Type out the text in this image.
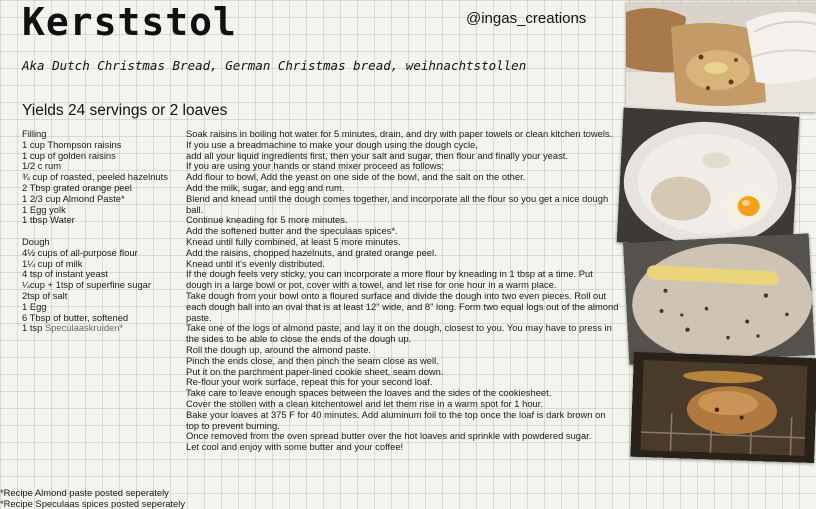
Kerststol	@ingas_creations
Aka Dutch Christmas Bread, German Christmas bread, weihnachtstollen
Yields 24 servings or 2 loaves
Filling
1 cup Thompson raisins
1 cup of golden raisins
1/2 c rum
¾ cup of roasted, peeled hazelnuts
2 Tbsp grated orange peel
1 2/3 cup Almond Paste*
1 Egg yolk
1 tbsp Water
Dough
4½ cups of all-purpose flour
1¼ cup of milk
4 tsp of instant yeast
¼cup + 1tsp of superfine sugar
2tsp of salt
1 Egg
6 Tbsp of butter, softened
1 tsp Speculaaskruiden*
Soak raisins in boiling hot water for 5 minutes, drain, and dry with paper towels or clean kitchen towels.
If you use a breadmachine to make your dough using the dough cycle,
add all your liquid ingredients first, then your salt and sugar, then flour and finally your yeast.
If you are using your hands or stand mixer proceed as follows:
Add flour to bowl, Add the yeast on one side of the bowl, and the salt on the other.
Add the milk, sugar, and egg and rum.
Blend and knead until the dough comes together, and incorporate all the flour so you get a nice dough ball.
Continue kneading for 5 more minutes.
Add the softened butter and the speculaas spices*.
Knead until fully combined, at least 5 more minutes.
Add the raisins, chopped hazelnuts, and grated orange peel.
Knead until it's evenly distributed.
If the dough feels very sticky, you can incorporate a more flour by kneading in 1 tbsp at a time. Put dough in a large bowl or pot, cover with a towel, and let rise for one hour in a warm place.
Take dough from your bowl onto a floured surface and divide the dough into two even pieces. Roll out each dough ball into an oval that is at least 12" wide, and 8" long. Form two equal logs out of the almond paste.
Take one of the logs of almond paste, and lay it on the dough, closest to you. You may have to press in the sides to be able to close the ends of the dough up.
Roll the dough up, around the almond paste.
Pinch the ends close, and then pinch the seam close as well.
Put it on the parchment paper-lined cookie sheet, seam down.
Re-flour your work surface, repeat this for your second loaf.
Take care to leave enough spaces between the loaves and the sides of the cookiesheet.
Cover the stollen with a clean kitchentowel and let them rise in a warm spot for 1 hour.
Bake your loaves at 375 F for 40 minutes. Add aluminum foil to the top once the loaf is dark brown on top to prevent burning.
Once removed from the oven spread butter over the hot loaves and sprinkle with powdered sugar.
Let cool and enjoy with some butter and your coffee!
*Recipe Almond paste posted seperately
*Recipe Speculaas spices posted seperately
